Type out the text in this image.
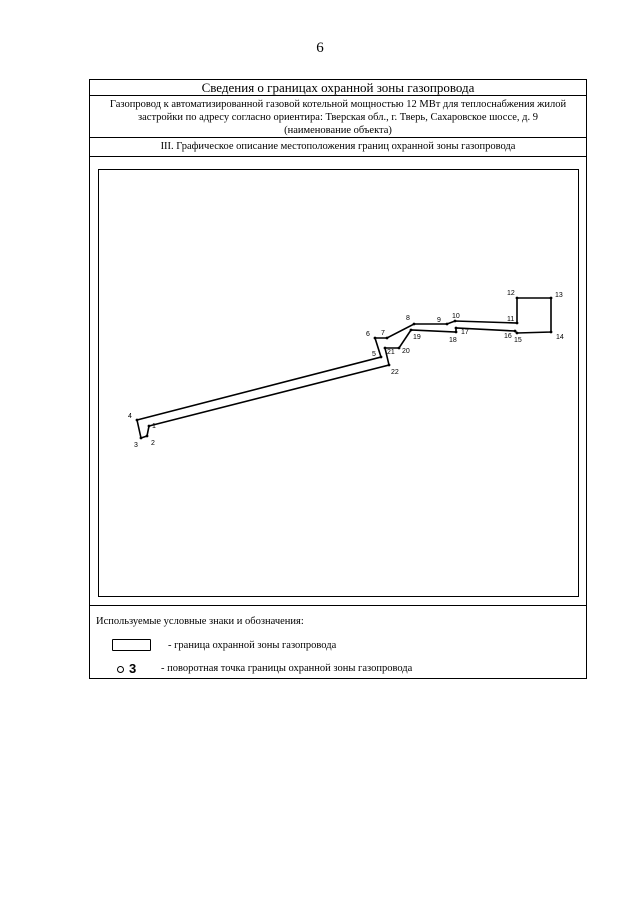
6
Сведения о границах охранной зоны газопровода
Газопровод к автоматизированной газовой котельной мощностью 12 МВт для теплоснабжения жилой
застройки по адресу согласно ориентира: Тверская обл., г. Тверь, Сахаровское шоссе, д. 9
(наименование объекта)
III. Графическое описание местоположения границ охранной зоны газопровода
1
2
3
4
5
6 7
8	9
10	11
12	13
14
15
16
17
18
19
20
21
22
Используемые условные знаки и обозначения:
- граница охранной зоны газопровода
3 - поворотная точка границы охранной зоны газопровода
